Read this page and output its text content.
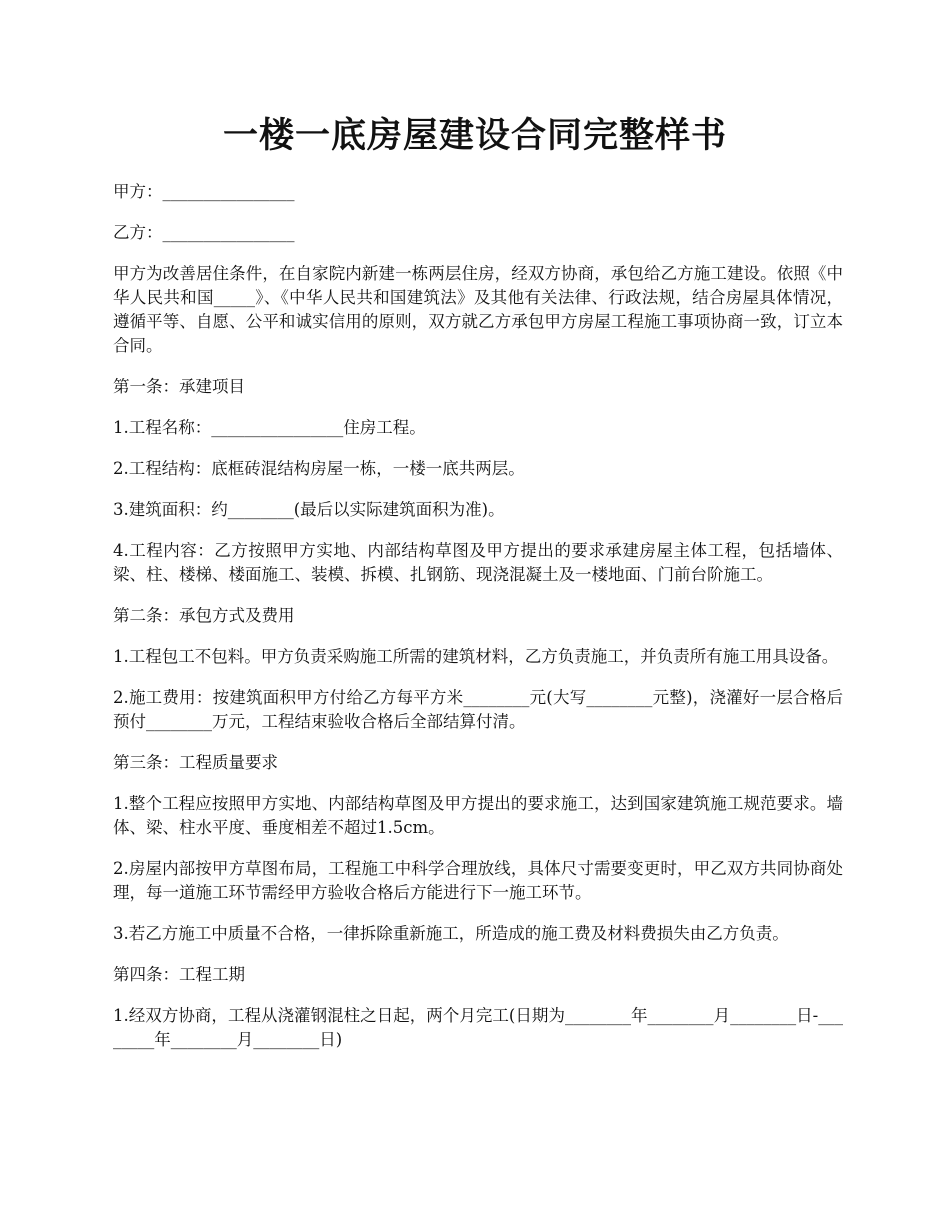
一楼一底房屋建设合同完整样书

甲方：________________

乙方：________________

甲方为改善居住条件，在自家院内新建一栋两层住房，经双方协商，承包给乙方施工建设。依照《中华人民共和国_____》、《中华人民共和国建筑法》及其他有关法律、行政法规，结合房屋具体情况，遵循平等、自愿、公平和诚实信用的原则，双方就乙方承包甲方房屋工程施工事项协商一致，订立本合同。

第一条：承建项目

1.工程名称：________________住房工程。

2.工程结构：底框砖混结构房屋一栋，一楼一底共两层。

3.建筑面积：约________(最后以实际建筑面积为准)。

4.工程内容：乙方按照甲方实地、内部结构草图及甲方提出的要求承建房屋主体工程，包括墙体、梁、柱、楼梯、楼面施工、装模、拆模、扎钢筋、现浇混凝土及一楼地面、门前台阶施工。

第二条：承包方式及费用

1.工程包工不包料。甲方负责采购施工所需的建筑材料，乙方负责施工，并负责所有施工用具设备。

2.施工费用：按建筑面积甲方付给乙方每平方米________元(大写________元整)，浇灌好一层合格后预付________万元，工程结束验收合格后全部结算付清。

第三条：工程质量要求

1.整个工程应按照甲方实地、内部结构草图及甲方提出的要求施工，达到国家建筑施工规范要求。墙体、梁、柱水平度、垂度相差不超过1.5cm。

2.房屋内部按甲方草图布局，工程施工中科学合理放线，具体尺寸需要变更时，甲乙双方共同协商处理，每一道施工环节需经甲方验收合格后方能进行下一施工环节。

3.若乙方施工中质量不合格，一律拆除重新施工，所造成的施工费及材料费损失由乙方负责。

第四条：工程工期

1.经双方协商，工程从浇灌钢混柱之日起，两个月完工(日期为________年________月________日-________年________月________日)
